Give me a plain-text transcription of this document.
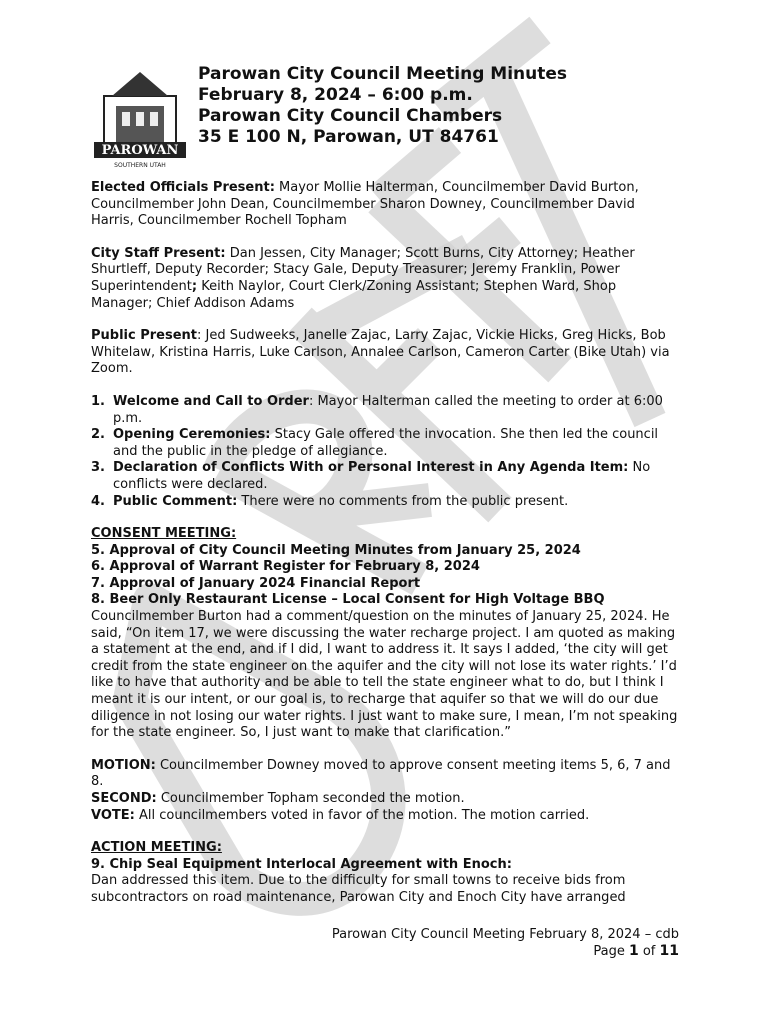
PAROWAN
SOUTHERN UTAH
Parowan City Council Meeting Minutes
February 8, 2024 – 6:00 p.m.
Parowan City Council Chambers
35 E 100 N, Parowan, UT 84761

Elected Officials Present: Mayor Mollie Halterman, Councilmember David Burton, Councilmember John Dean, Councilmember Sharon Downey, Councilmember David Harris, Councilmember Rochell Topham

City Staff Present: Dan Jessen, City Manager; Scott Burns, City Attorney; Heather Shurtleff, Deputy Recorder; Stacy Gale, Deputy Treasurer; Jeremy Franklin, Power Superintendent; Keith Naylor, Court Clerk/Zoning Assistant; Stephen Ward, Shop Manager; Chief Addison Adams

Public Present: Jed Sudweeks, Janelle Zajac, Larry Zajac, Vickie Hicks, Greg Hicks, Bob Whitelaw, Kristina Harris, Luke Carlson, Annalee Carlson, Cameron Carter (Bike Utah) via Zoom.

1. Welcome and Call to Order: Mayor Halterman called the meeting to order at 6:00 p.m.
2. Opening Ceremonies: Stacy Gale offered the invocation. She then led the council and the public in the pledge of allegiance.
3. Declaration of Conflicts With or Personal Interest in Any Agenda Item: No conflicts were declared.
4. Public Comment: There were no comments from the public present.

CONSENT MEETING:

5. Approval of City Council Meeting Minutes from January 25, 2024

6. Approval of Warrant Register for February 8, 2024

7. Approval of January 2024 Financial Report

8. Beer Only Restaurant License – Local Consent for High Voltage BBQ

Councilmember Burton had a comment/question on the minutes of January 25, 2024. He said, “On item 17, we were discussing the water recharge project. I am quoted as making a statement at the end, and if I did, I want to address it. It says I added, ‘the city will get credit from the state engineer on the aquifer and the city will not lose its water rights.’ I’d like to have that authority and be able to tell the state engineer what to do, but I think I meant it is our intent, or our goal is, to recharge that aquifer so that we will do our due diligence in not losing our water rights. I just want to make sure, I mean, I’m not speaking for the state engineer. So, I just want to make that clarification.”

MOTION: Councilmember Downey moved to approve consent meeting items 5, 6, 7 and 8.

SECOND: Councilmember Topham seconded the motion.

VOTE: All councilmembers voted in favor of the motion. The motion carried.

ACTION MEETING:

9. Chip Seal Equipment Interlocal Agreement with Enoch:

Dan addressed this item. Due to the difficulty for small towns to receive bids from subcontractors on road maintenance, Parowan City and Enoch City have arranged

Parowan City Council Meeting February 8, 2024 – cdb
Page 1 of 11
